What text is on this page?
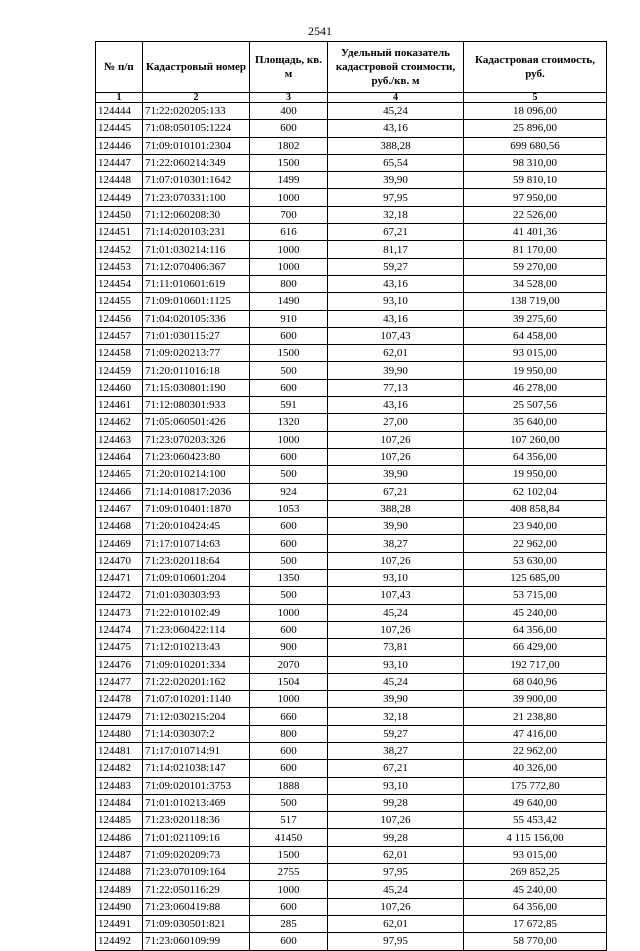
2541
№ п/п	Кадастровый номер	Площадь, кв. м	Удельный показатель кадастровой стоимости, руб./кв. м	Кадастровая стоимость, руб.
1	2	3	4	5
124444	71:22:020205:133	400	45,24	18 096,00
124445	71:08:050105:1224	600	43,16	25 896,00
124446	71:09:010101:2304	1802	388,28	699 680,56
124447	71:22:060214:349	1500	65,54	98 310,00
124448	71:07:010301:1642	1499	39,90	59 810,10
124449	71:23:070331:100	1000	97,95	97 950,00
124450	71:12:060208:30	700	32,18	22 526,00
124451	71:14:020103:231	616	67,21	41 401,36
124452	71:01:030214:116	1000	81,17	81 170,00
124453	71:12:070406:367	1000	59,27	59 270,00
124454	71:11:010601:619	800	43,16	34 528,00
124455	71:09:010601:1125	1490	93,10	138 719,00
124456	71:04:020105:336	910	43,16	39 275,60
124457	71:01:030115:27	600	107,43	64 458,00
124458	71:09:020213:77	1500	62,01	93 015,00
124459	71:20:011016:18	500	39,90	19 950,00
124460	71:15:030801:190	600	77,13	46 278,00
124461	71:12:080301:933	591	43,16	25 507,56
124462	71:05:060501:426	1320	27,00	35 640,00
124463	71:23:070203:326	1000	107,26	107 260,00
124464	71:23:060423:80	600	107,26	64 356,00
124465	71:20:010214:100	500	39,90	19 950,00
124466	71:14:010817:2036	924	67,21	62 102,04
124467	71:09:010401:1870	1053	388,28	408 858,84
124468	71:20:010424:45	600	39,90	23 940,00
124469	71:17:010714:63	600	38,27	22 962,00
124470	71:23:020118:64	500	107,26	53 630,00
124471	71:09:010601:204	1350	93,10	125 685,00
124472	71:01:030303:93	500	107,43	53 715,00
124473	71:22:010102:49	1000	45,24	45 240,00
124474	71:23:060422:114	600	107,26	64 356,00
124475	71:12:010213:43	900	73,81	66 429,00
124476	71:09:010201:334	2070	93,10	192 717,00
124477	71:22:020201:162	1504	45,24	68 040,96
124478	71:07:010201:1140	1000	39,90	39 900,00
124479	71:12:030215:204	660	32,18	21 238,80
124480	71:14:030307:2	800	59,27	47 416,00
124481	71:17:010714:91	600	38,27	22 962,00
124482	71:14:021038:147	600	67,21	40 326,00
124483	71:09:020101:3753	1888	93,10	175 772,80
124484	71:01:010213:469	500	99,28	49 640,00
124485	71:23:020118:36	517	107,26	55 453,42
124486	71:01:021109:16	41450	99,28	4 115 156,00
124487	71:09:020209:73	1500	62,01	93 015,00
124488	71:23:070109:164	2755	97,95	269 852,25
124489	71:22:050116:29	1000	45,24	45 240,00
124490	71:23:060419:88	600	107,26	64 356,00
124491	71:09:030501:821	285	62,01	17 672,85
124492	71:23:060109:99	600	97,95	58 770,00
